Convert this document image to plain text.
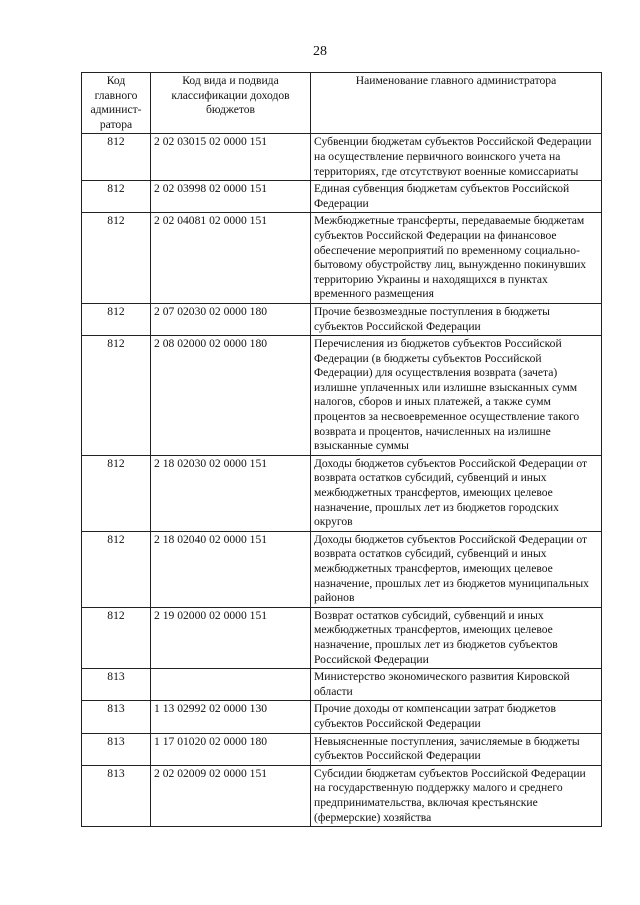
28
Код главного админист-ратора	Код вида и подвида классификации доходов бюджетов	Наименование главного администратора
812	2 02 03015 02 0000 151	Субвенции бюджетам субъектов Российской Федерации на осуществление первичного воинского учета на территориях, где отсутствуют военные комиссариаты
812	2 02 03998 02 0000 151	Единая субвенция бюджетам субъектов Российской Федерации
812	2 02 04081 02 0000 151	Межбюджетные трансферты, передаваемые бюджетам субъектов Российской Федерации на финансовое обеспечение мероприятий по временному социально-бытовому обустройству лиц, вынужденно покинувших территорию Украины и находящихся в пунктах временного размещения
812	2 07 02030 02 0000 180	Прочие безвозмездные поступления в бюджеты субъектов Российской Федерации
812	2 08 02000 02 0000 180	Перечисления из бюджетов субъектов Российской Федерации (в бюджеты субъектов Российской Федерации) для осуществления возврата (зачета) излишне уплаченных или излишне взысканных сумм налогов, сборов и иных платежей, а также сумм процентов за несвоевременное осуществление такого возврата и процентов, начисленных на излишне взысканные суммы
812	2 18 02030 02 0000 151	Доходы бюджетов субъектов Российской Федерации от возврата остатков субсидий, субвенций и иных межбюджетных трансфертов, имеющих целевое назначение, прошлых лет из бюджетов городских округов
812	2 18 02040 02 0000 151	Доходы бюджетов субъектов Российской Федерации от возврата остатков субсидий, субвенций и иных межбюджетных трансфертов, имеющих целевое назначение, прошлых лет из бюджетов муниципальных районов
812	2 19 02000 02 0000 151	Возврат остатков субсидий, субвенций и иных межбюджетных трансфертов, имеющих целевое назначение, прошлых лет из бюджетов субъектов Российской Федерации
813		Министерство экономического развития Кировской области
813	1 13 02992 02 0000 130	Прочие доходы от компенсации затрат бюджетов субъектов Российской Федерации
813	1 17 01020 02 0000 180	Невыясненные поступления, зачисляемые в бюджеты субъектов Российской Федерации
813	2 02 02009 02 0000 151	Субсидии бюджетам субъектов Российской Федерации на государственную поддержку малого и среднего предпринимательства, включая крестьянские (фермерские) хозяйства
